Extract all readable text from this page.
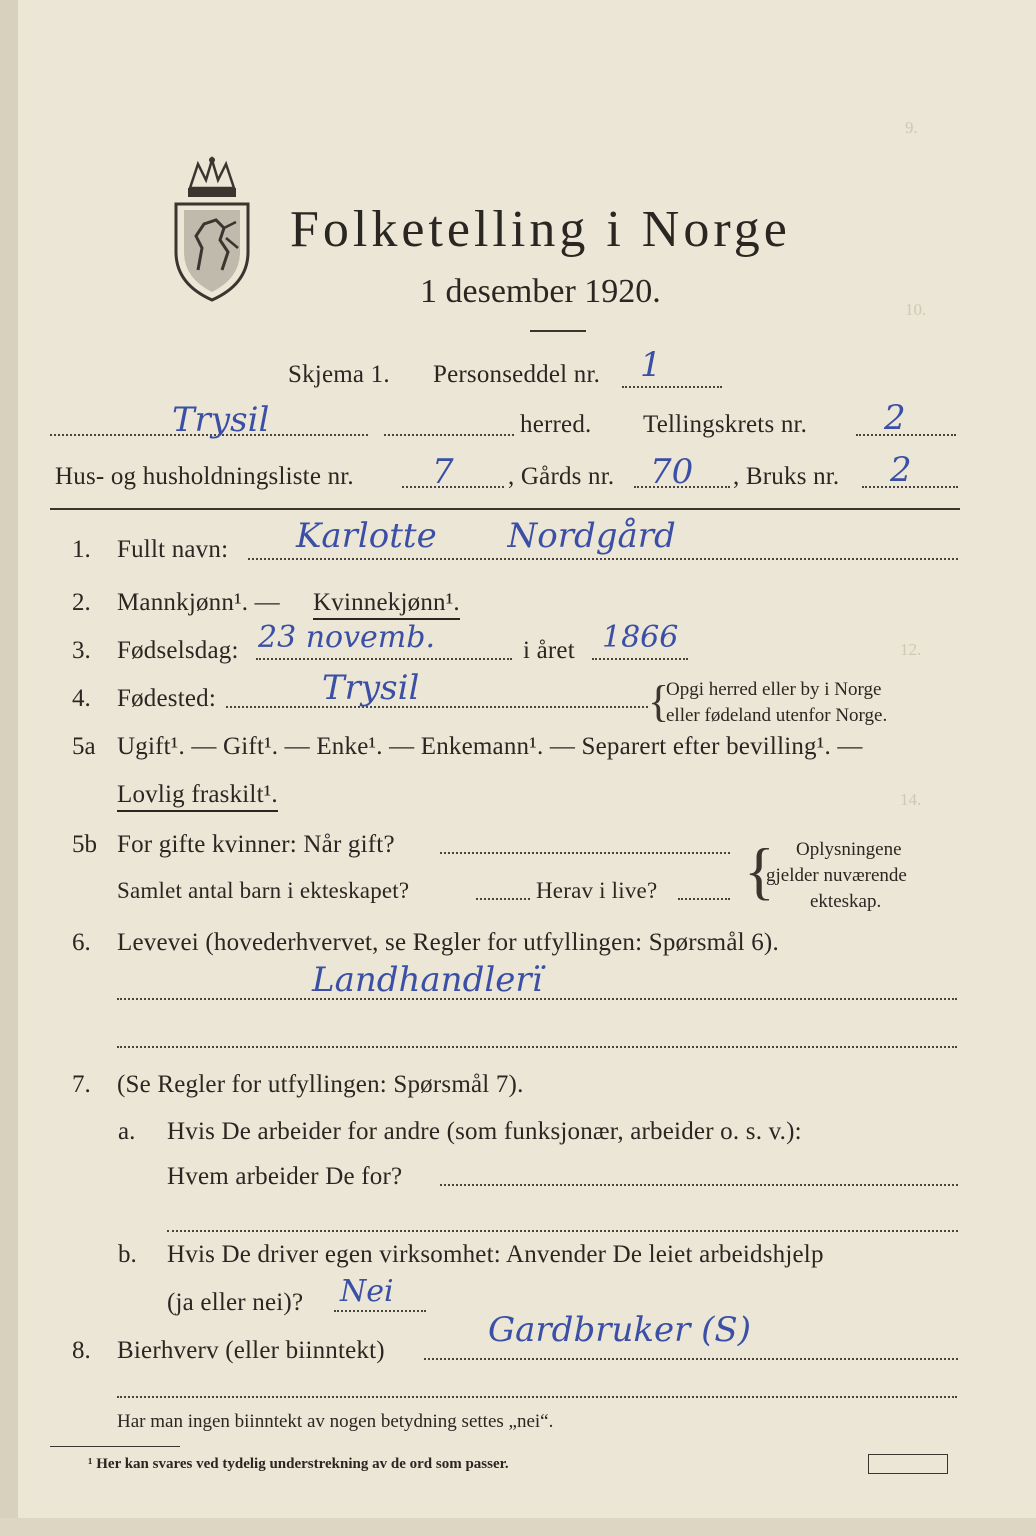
9.
10.
12.
14.
Folketelling i Norge
1 desember 1920.
Skjema 1. Personseddel nr. 1
Trysil	herred. Tellingskrets nr. 2
Hus- og husholdningsliste nr. 7 , Gårds nr. 70 , Bruks nr. 2
1. Fullt navn: Karlotte Nordgård
2. Mannkjønn¹. — Kvinnekjønn¹.
3. Fødselsdag: 23 novemb.	i året 1866
4. Fødested:	Trysil	{
Opgi herred eller by i Norge
eller fødeland utenfor Norge.
5a Ugift¹. — Gift¹. — Enke¹. — Enkemann¹. — Separert efter bevilling¹. —
Lovlig fraskilt¹.
5b For gifte kvinner: Når gift?
Samlet antal barn i ekteskapet?	Herav i live? { Oplysningene
gjelder nuværende
ekteskap.
6. Levevei (hovederhvervet, se Regler for utfyllingen: Spørsmål 6).
Landhandlerï
7. (Se Regler for utfyllingen: Spørsmål 7).
a. Hvis De arbeider for andre (som funksjonær, arbeider o. s. v.):
Hvem arbeider De for?
b. Hvis De driver egen virksomhet: Anvender De leiet arbeidshjelp
(ja eller nei)? Nei
8. Bierhverv (eller biinntekt)
Gardbruker (S)
Har man ingen biinntekt av nogen betydning settes „nei“.
¹ Her kan svares ved tydelig understrekning av de ord som passer.
